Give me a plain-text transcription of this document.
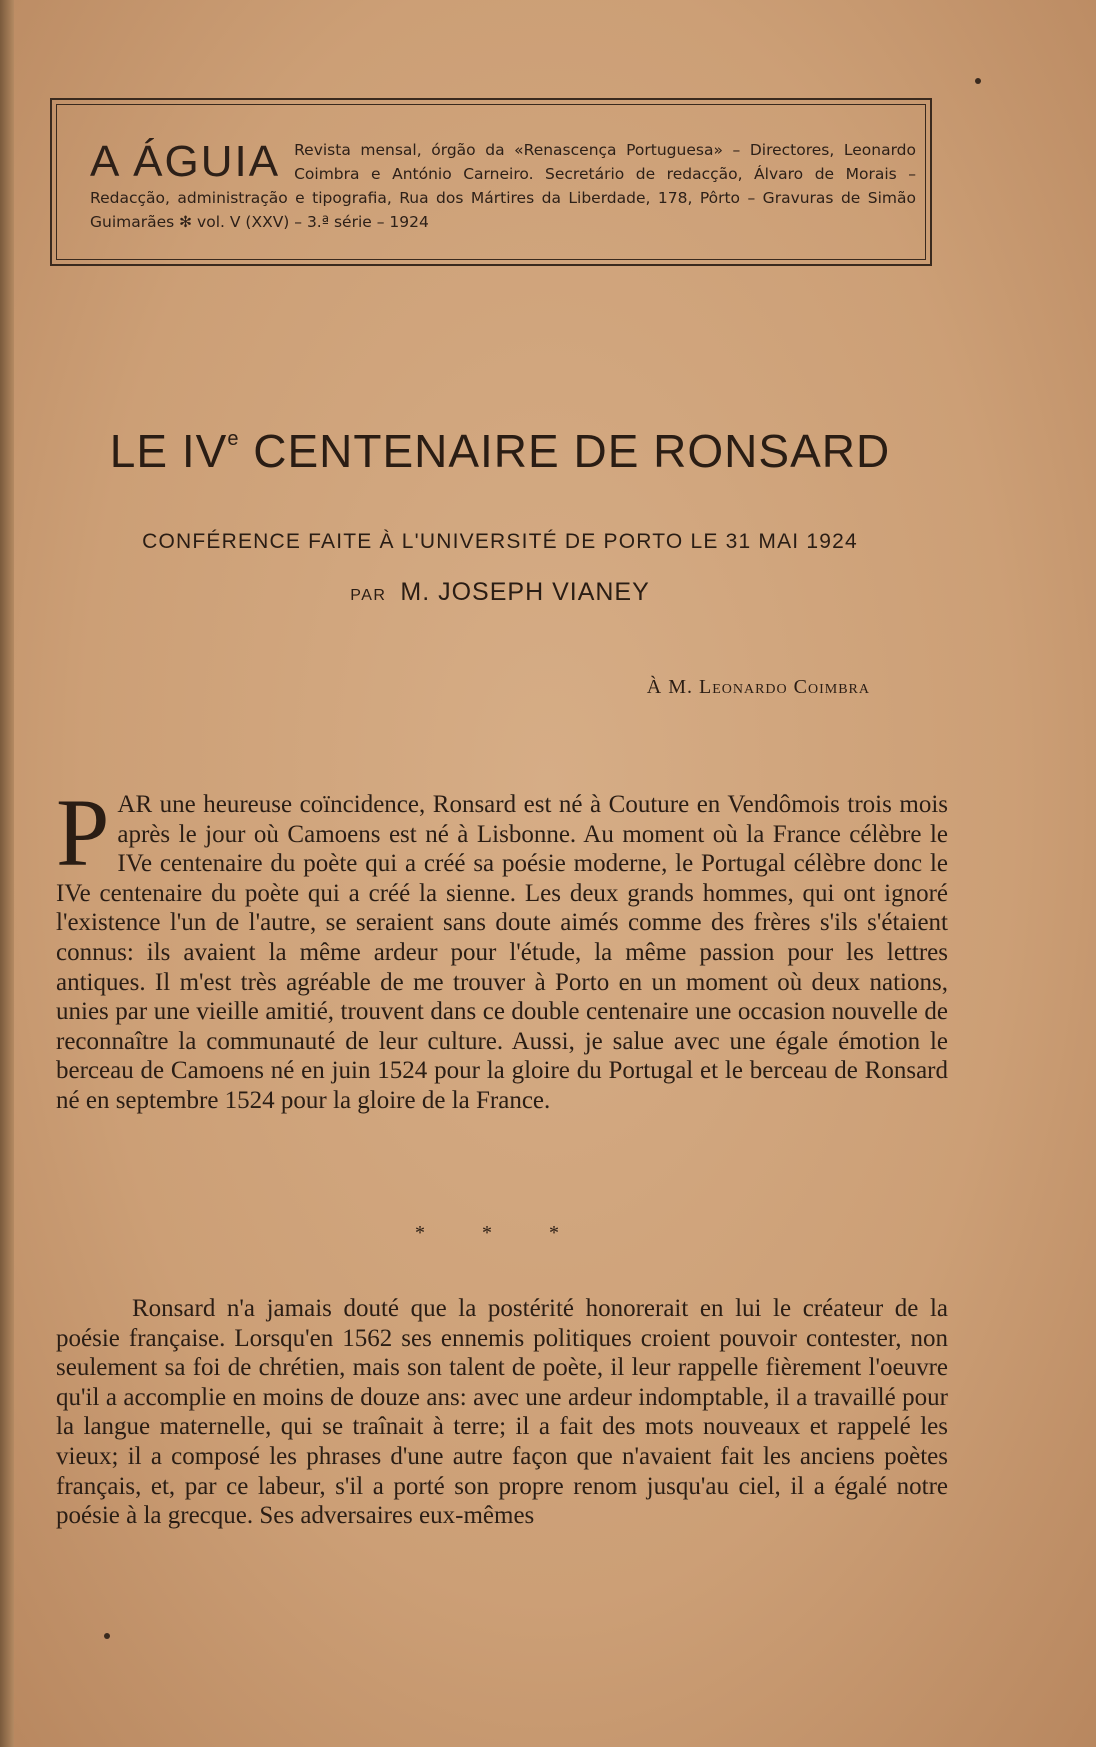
A ÁGUIA Revista mensal, órgão da «Renascença Portuguesa» – Directores, Leonardo Coimbra e António Carneiro. Secretário de redacção, Álvaro de Morais – Redacção, administração e tipografia, Rua dos Mártires da Liberdade, 178, Pôrto – Gravuras de Simão Guimarães ✻ vol. V (XXV) – 3.ª série – 1924
LE IVe CENTENAIRE DE RONSARD
CONFÉRENCE FAITE À L'UNIVERSITÉ DE PORTO LE 31 MAI 1924
PAR M. JOSEPH VIANEY
À M. Leonardo Coimbra
P AR une heureuse coïncidence, Ronsard est né à Couture en Vendômois trois mois après le jour où Camoens est né à Lisbonne. Au moment où la France célèbre le IVe centenaire du poète qui a créé sa poésie moderne, le Portugal célèbre donc le IVe centenaire du poète qui a créé la sienne. Les deux grands hommes, qui ont ignoré l'existence l'un de l'autre, se seraient sans doute aimés comme des frères s'ils s'étaient connus: ils avaient la même ardeur pour l'étude, la même passion pour les lettres antiques. Il m'est très agréable de me trouver à Porto en un moment où deux nations, unies par une vieille amitié, trouvent dans ce double centenaire une occasion nouvelle de reconnaître la communauté de leur culture. Aussi, je salue avec une égale émotion le berceau de Camoens né en juin 1524 pour la gloire du Portugal et le berceau de Ronsard né en septembre 1524 pour la gloire de la France.
* * *
Ronsard n'a jamais douté que la postérité honorerait en lui le créateur de la poésie française. Lorsqu'en 1562 ses ennemis politiques croient pouvoir contester, non seulement sa foi de chrétien, mais son talent de poète, il leur rappelle fièrement l'oeuvre qu'il a accomplie en moins de douze ans: avec une ardeur indomptable, il a travaillé pour la langue maternelle, qui se traînait à terre; il a fait des mots nouveaux et rappelé les vieux; il a composé les phrases d'une autre façon que n'avaient fait les anciens poètes français, et, par ce labeur, s'il a porté son propre renom jusqu'au ciel, il a égalé notre poésie à la grecque. Ses adversaires eux-mêmes
